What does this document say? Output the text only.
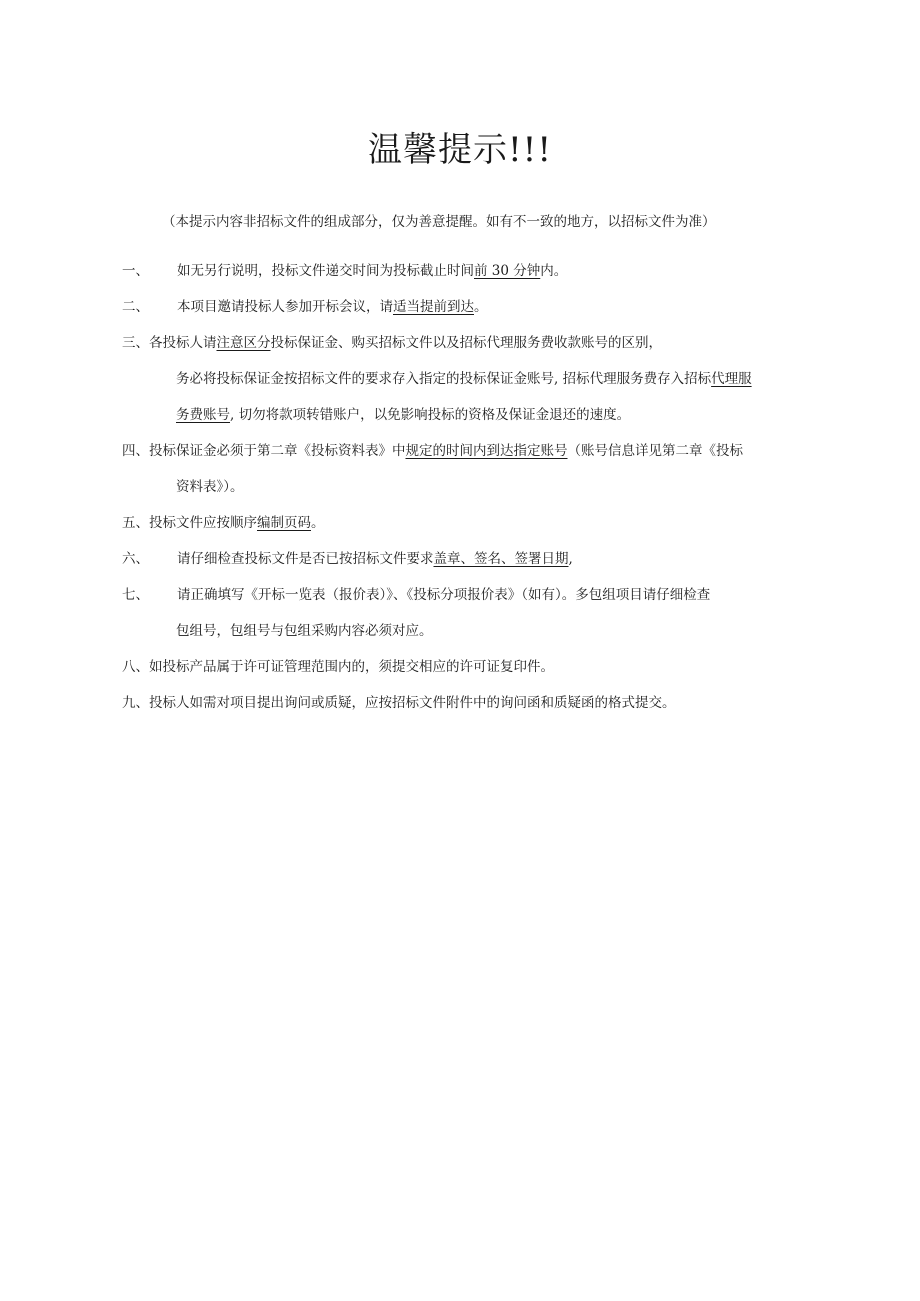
温馨提示!!!
（本提示内容非招标文件的组成部分，仅为善意提醒。如有不一致的地方，以招标文件为准）
一、 如无另行说明，投标文件递交时间为投标截止时间前 30 分钟内。
二、 本项目邀请投标人参加开标会议，请适当提前到达。
三、各投标人请注意区分投标保证金、购买招标文件以及招标代理服务费收款账号的区别，
务必将投标保证金按招标文件的要求存入指定的投标保证金账号, 招标代理服务费存入招标代理服
务费账号, 切勿将款项转错账户，以免影响投标的资格及保证金退还的速度。
四、投标保证金必须于第二章《投标资料表》中规定的时间内到达指定账号（账号信息详见第二章《投标
资料表》）。
五、投标文件应按顺序编制页码。
六、 请仔细检查投标文件是否已按招标文件要求盖章、签名、签署日期,
七、 请正确填写《开标一览表（报价表）》、《投标分项报价表》（如有）。多包组项目请仔细检查
包组号，包组号与包组采购内容必须对应。
八、如投标产品属于许可证管理范围内的，须提交相应的许可证复印件。
九、投标人如需对项目提出询问或质疑，应按招标文件附件中的询问函和质疑函的格式提交。
